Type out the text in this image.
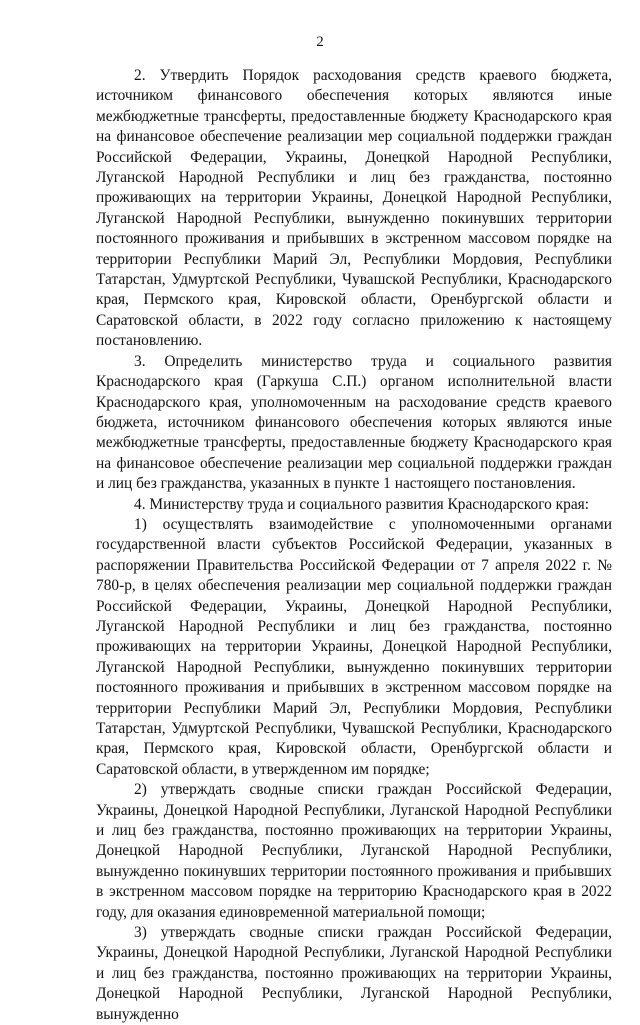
2

2. Утвердить Порядок расходования средств краевого бюджета, источником финансового обеспечения которых являются иные межбюджетные трансферты, предоставленные бюджету Краснодарского края на финансовое обеспечение реализации мер социальной поддержки граждан Российской Федерации, Украины, Донецкой Народной Республики, Луганской Народной Республики и лиц без гражданства, постоянно проживающих на территории Украины, Донецкой Народной Республики, Луганской Народной Республики, вынужденно покинувших территории постоянного проживания и прибывших в экстренном массовом порядке на территории Республики Марий Эл, Республики Мордовия, Республики Татарстан, Удмуртской Республики, Чувашской Республики, Краснодарского края, Пермского края, Кировской области, Оренбургской области и Саратовской области, в 2022 году согласно приложению к настоящему постановлению.

3. Определить министерство труда и социального развития Краснодарского края (Гаркуша С.П.) органом исполнительной власти Краснодарского края, уполномоченным на расходование средств краевого бюджета, источником финансового обеспечения которых являются иные межбюджетные трансферты, предоставленные бюджету Краснодарского края на финансовое обеспечение реализации мер социальной поддержки граждан и лиц без гражданства, указанных в пункте 1 настоящего постановления.

4. Министерству труда и социального развития Краснодарского края:

1) осуществлять взаимодействие с уполномоченными органами государственной власти субъектов Российской Федерации, указанных в распоряжении Правительства Российской Федерации от 7 апреля 2022 г. № 780-р, в целях обеспечения реализации мер социальной поддержки граждан Российской Федерации, Украины, Донецкой Народной Республики, Луганской Народной Республики и лиц без гражданства, постоянно проживающих на территории Украины, Донецкой Народной Республики, Луганской Народной Республики, вынужденно покинувших территории постоянного проживания и прибывших в экстренном массовом порядке на территории Республики Марий Эл, Республики Мордовия, Республики Татарстан, Удмуртской Республики, Чувашской Республики, Краснодарского края, Пермского края, Кировской области, Оренбургской области и Саратовской области, в утвержденном им порядке;

2) утверждать сводные списки граждан Российской Федерации, Украины, Донецкой Народной Республики, Луганской Народной Республики и лиц без гражданства, постоянно проживающих на территории Украины, Донецкой Народной Республики, Луганской Народной Республики, вынужденно покинувших территории постоянного проживания и прибывших в экстренном массовом порядке на территорию Краснодарского края в 2022 году, для оказания единовременной материальной помощи;

3) утверждать сводные списки граждан Российской Федерации, Украины, Донецкой Народной Республики, Луганской Народной Республики и лиц без гражданства, постоянно проживающих на территории Украины, Донецкой Народной Республики, Луганской Народной Республики, вынужденно
